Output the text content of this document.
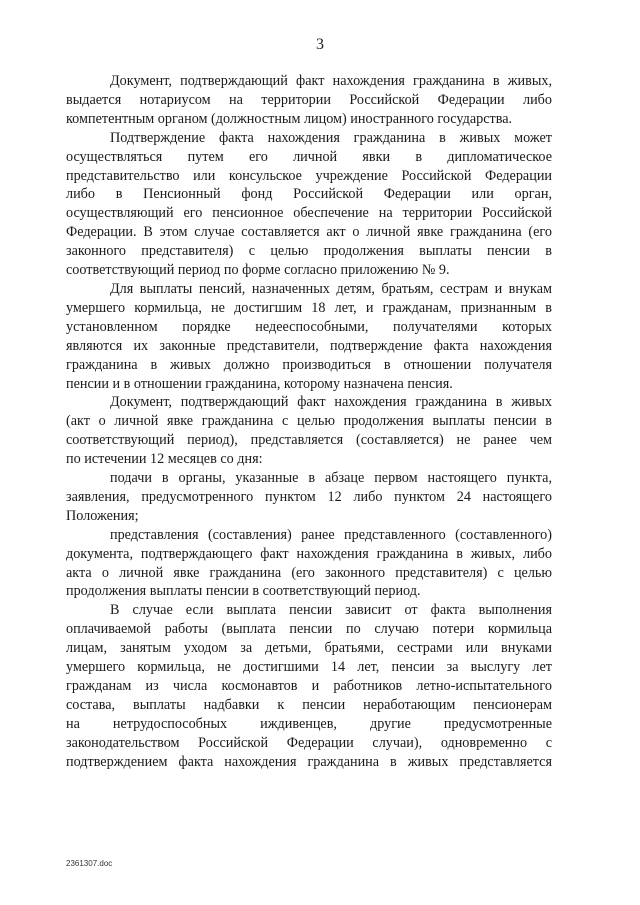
3

Документ, подтверждающий факт нахождения гражданина в живых,
выдается нотариусом на территории Российской Федерации либо
компетентным органом (должностным лицом) иностранного государства.

Подтверждение факта нахождения гражданина в живых может
осуществляться путем его личной явки в дипломатическое
представительство или консульское учреждение Российской Федерации
либо в Пенсионный фонд Российской Федерации или орган,
осуществляющий его пенсионное обеспечение на территории Российской
Федерации. В этом случае составляется акт о личной явке гражданина (его
законного представителя) с целью продолжения выплаты пенсии в
соответствующий период по форме согласно приложению № 9.

Для выплаты пенсий, назначенных детям, братьям, сестрам и внукам
умершего кормильца, не достигшим 18 лет, и гражданам, признанным в
установленном порядке недееспособными, получателями которых
являются их законные представители, подтверждение факта нахождения
гражданина в живых должно производиться в отношении получателя
пенсии и в отношении гражданина, которому назначена пенсия.

Документ, подтверждающий факт нахождения гражданина в живых
(акт о личной явке гражданина с целью продолжения выплаты пенсии в
соответствующий период), представляется (составляется) не ранее чем
по истечении 12 месяцев со дня:

подачи в органы, указанные в абзаце первом настоящего пункта,
заявления, предусмотренного пунктом 12 либо пунктом 24 настоящего
Положения;

представления (составления) ранее представленного (составленного)
документа, подтверждающего факт нахождения гражданина в живых, либо
акта о личной явке гражданина (его законного представителя) с целью
продолжения выплаты пенсии в соответствующий период.

В случае если выплата пенсии зависит от факта выполнения
оплачиваемой работы (выплата пенсии по случаю потери кормильца
лицам, занятым уходом за детьми, братьями, сестрами или внуками
умершего кормильца, не достигшими 14 лет, пенсии за выслугу лет
гражданам из числа космонавтов и работников летно-испытательного
состава, выплаты надбавки к пенсии неработающим пенсионерам
на нетрудоспособных иждивенцев, другие предусмотренные
законодательством Российской Федерации случаи), одновременно с
подтверждением факта нахождения гражданина в живых представляется

2361307.doc
